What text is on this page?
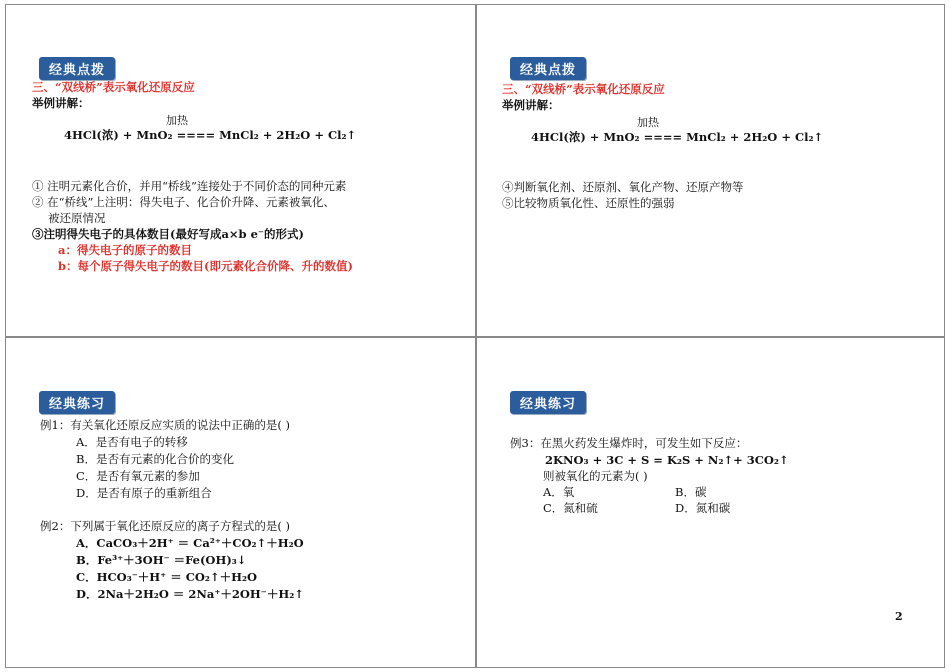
经典点拨
三、“双线桥”表示氧化还原反应
举例讲解：
加热
4HCl(浓) + MnO₂ ==== MnCl₂ + 2H₂O + Cl₂↑
① 注明元素化合价，并用“桥线”连接处于不同价态的同种元素
② 在“桥线”上注明：得失电子、化合价升降、元素被氧化、
被还原情况
③注明得失电子的具体数目(最好写成a×b e⁻的形式)
a：得失电子的原子的数目
b：每个原子得失电子的数目(即元素化合价降、升的数值)
经典点拨
三、“双线桥”表示氧化还原反应
举例讲解：
加热
4HCl(浓) + MnO₂ ==== MnCl₂ + 2H₂O + Cl₂↑
④判断氧化剂、还原剂、氧化产物、还原产物等
⑤比较物质氧化性、还原性的强弱
经典练习
例1：有关氧化还原反应实质的说法中正确的是( )
A．是否有电子的转移
B．是否有元素的化合价的变化
C．是否有氧元素的参加
D．是否有原子的重新组合
例2：下列属于氧化还原反应的离子方程式的是( )
A．CaCO₃＋2H⁺ ＝ Ca²⁺＋CO₂↑＋H₂O
B．Fe³⁺＋3OH⁻ ＝Fe(OH)₃↓
C．HCO₃⁻＋H⁺ ＝ CO₂↑＋H₂O
D．2Na＋2H₂O ＝ 2Na⁺＋2OH⁻＋H₂↑
经典练习
例3：在黑火药发生爆炸时，可发生如下反应：
2KNO₃ + 3C + S = K₂S + N₂↑+ 3CO₂↑
则被氧化的元素为( )
A．氧	B．碳
C．氮和硫	D．氮和碳
2
